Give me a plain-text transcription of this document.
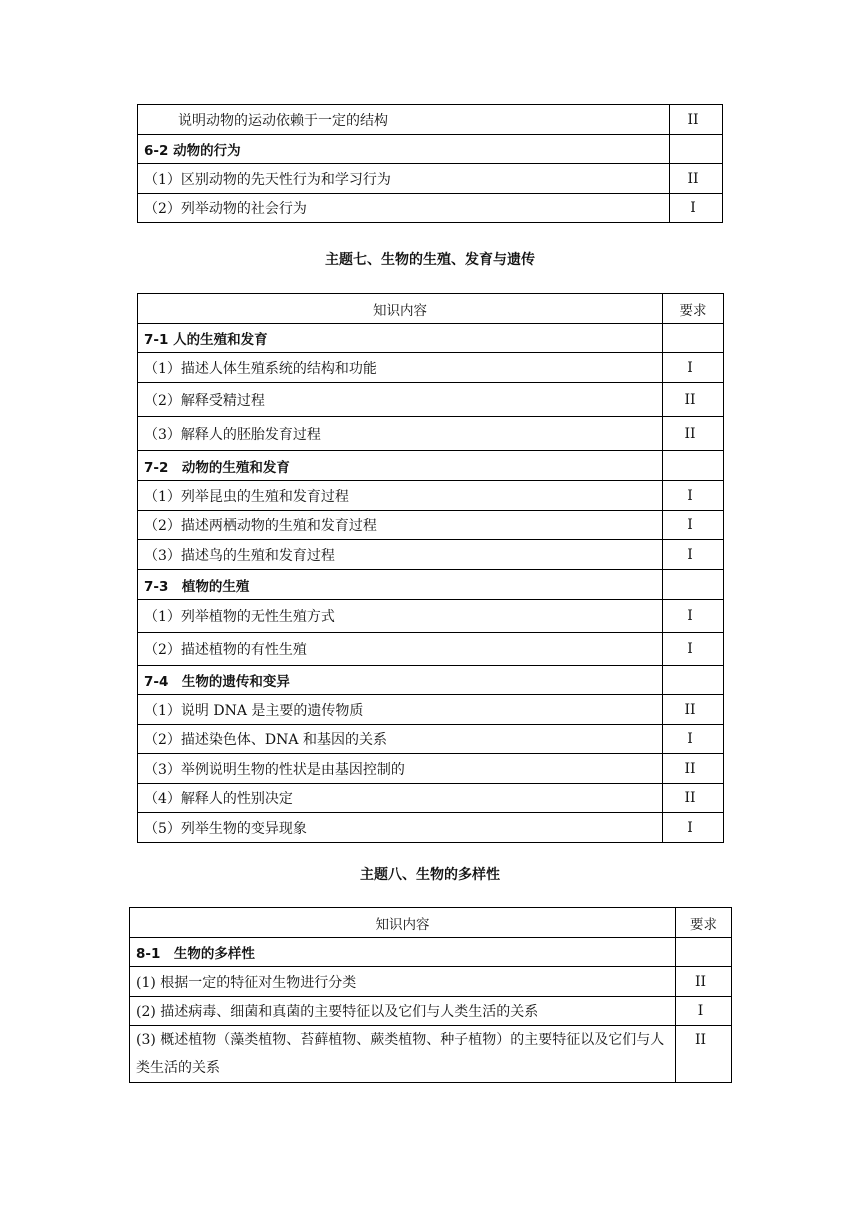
说明动物的运动依赖于一定的结构	II
6-2 动物的行为	
（1）区别动物的先天性行为和学习行为	II
（2）列举动物的社会行为	I
主题七、生物的生殖、发育与遗传
知识内容	要求
7-1 人的生殖和发育	
（1）描述人体生殖系统的结构和功能	I
（2）解释受精过程	II
（3）解释人的胚胎发育过程	II
7-2　动物的生殖和发育	
（1）列举昆虫的生殖和发育过程	I
（2）描述两栖动物的生殖和发育过程	I
（3）描述鸟的生殖和发育过程	I
7-3　植物的生殖	
（1）列举植物的无性生殖方式	I
（2）描述植物的有性生殖	I
7-4　生物的遗传和变异	
（1）说明 DNA 是主要的遗传物质	II
（2）描述染色体、DNA 和基因的关系	I
（3）举例说明生物的性状是由基因控制的	II
（4）解释人的性别决定	II
（5）列举生物的变异现象	I
主题八、生物的多样性
知识内容	要求
8-1　生物的多样性	
(1) 根据一定的特征对生物进行分类	II
(2) 描述病毒、细菌和真菌的主要特征以及它们与人类生活的关系	I
(3) 概述植物（藻类植物、苔藓植物、蕨类植物、种子植物）的主要特征以及它们与人类生活的关系	II
